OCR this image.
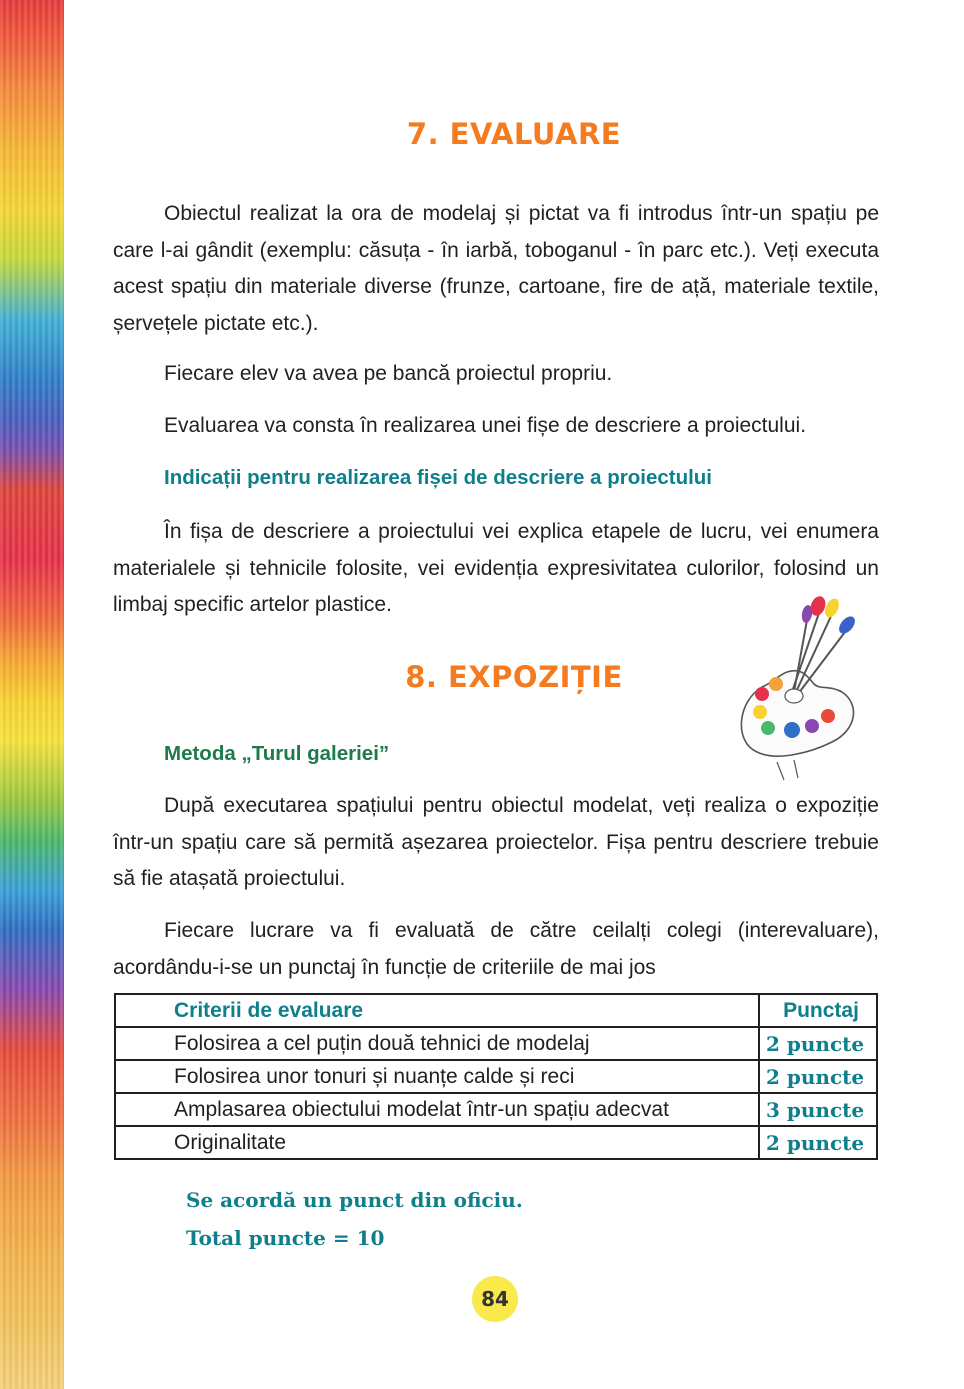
7. EVALUARE

Obiectul realizat la ora de modelaj și pictat va fi introdus într-un spațiu pe care l-ai gândit (exemplu: căsuța - în iarbă, toboganul - în parc etc.). Veți executa acest spațiu din materiale diverse (frunze, cartoane, fire de ață, materiale textile, șervețele pictate etc.).

Fiecare elev va avea pe bancă proiectul propriu.

Evaluarea va consta în realizarea unei fișe de descriere a proiectului.

Indicații pentru realizarea fișei de descriere a proiectului

În fișa de descriere a proiectului vei explica etapele de lucru, vei enumera materialele și tehnicile folosite, vei evidenția expresivitatea culorilor, folosind un limbaj specific artelor plastice.

8. EXPOZIȚIE

Metoda „Turul galeriei”

După executarea spațiului pentru obiectul modelat, veți realiza o expoziție într-un spațiu care să permită așezarea proiectelor. Fișa pentru descriere trebuie să fie atașată proiectului.

Fiecare lucrare va fi evaluată de către ceilalți colegi (interevaluare), acordându-i-se un punctaj în funcție de criteriile de mai jos

Criterii de evaluare	Punctaj
Folosirea a cel puțin două tehnici de modelaj	2 puncte
Folosirea unor tonuri și nuanțe calde și reci	2 puncte
Amplasarea obiectului modelat într-un spațiu adecvat	3 puncte
Originalitate	2 puncte

Se acordă un punct din oficiu.

Total puncte = 10

84
